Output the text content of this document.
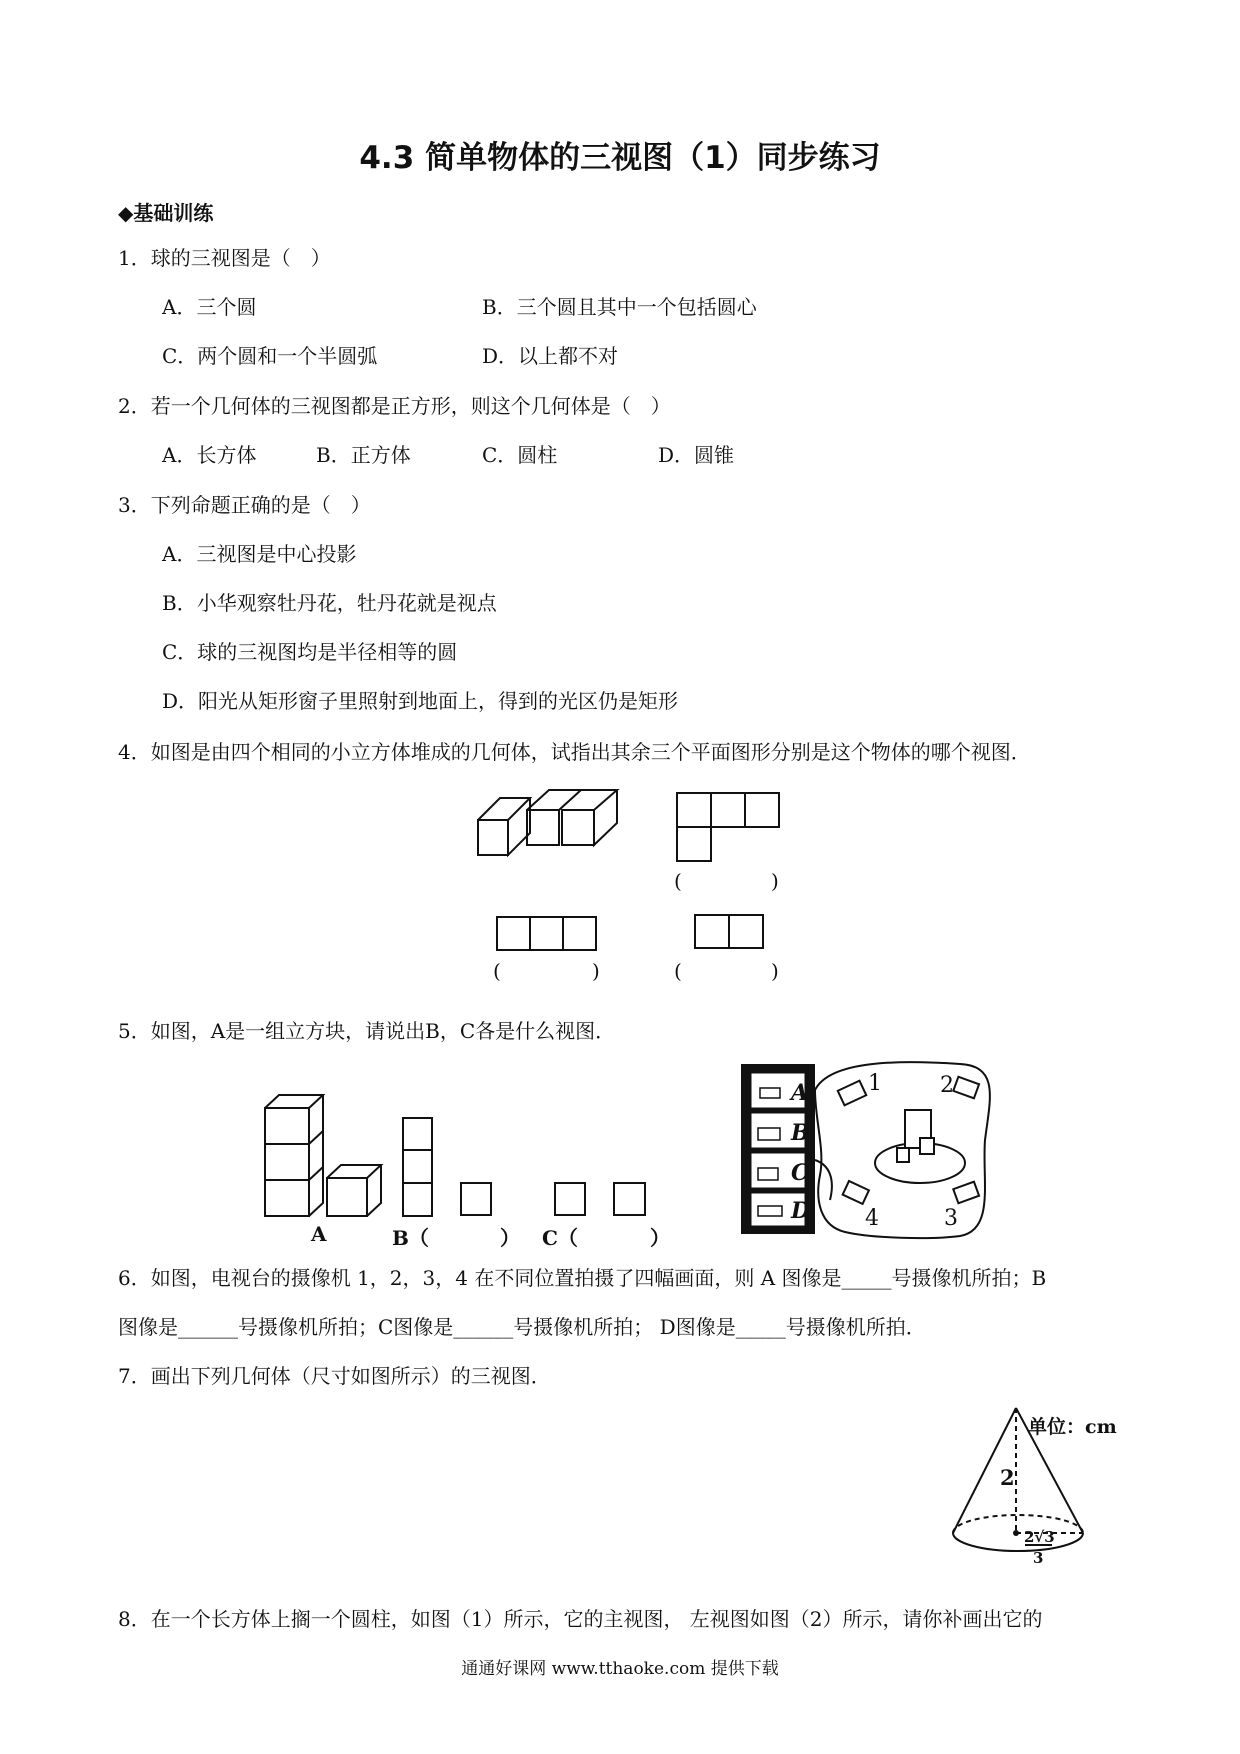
4.3 简单物体的三视图（1）同步练习
◆基础训练
1．球的三视图是（　）
A．三个圆	B．三个圆且其中一个包括圆心
C．两个圆和一个半圆弧	D．以上都不对
2．若一个几何体的三视图都是正方形，则这个几何体是（　）
A．长方体	B．正方体	C．圆柱	D．圆锥
3．下列命题正确的是（　）
A．三视图是中心投影
B．小华观察牡丹花，牡丹花就是视点
C．球的三视图均是半径相等的圆
D．阳光从矩形窗子里照射到地面上，得到的光区仍是矩形
4．如图是由四个相同的小立方体堆成的几何体，试指出其余三个平面图形分别是这个物体的哪个视图．
(	)
(	)	(	)
5．如图，A是一组立方块，请说出B，C各是什么视图．
A	B（	） C（	）
A
B
C
D
1	2
3
4
6．如图，电视台的摄像机 1，2，3，4 在不同位置拍摄了四幅画面，则 A 图像是_____号摄像机所拍；B
图像是______号摄像机所拍；C图像是______号摄像机所拍； D图像是_____号摄像机所拍．
7．画出下列几何体（尺寸如图所示）的三视图．
单位：cm
2
2√3
3
8．在一个长方体上搁一个圆柱，如图（1）所示，它的主视图， 左视图如图（2）所示，请你补画出它的
通通好课网 www.tthaoke.com 提供下载
